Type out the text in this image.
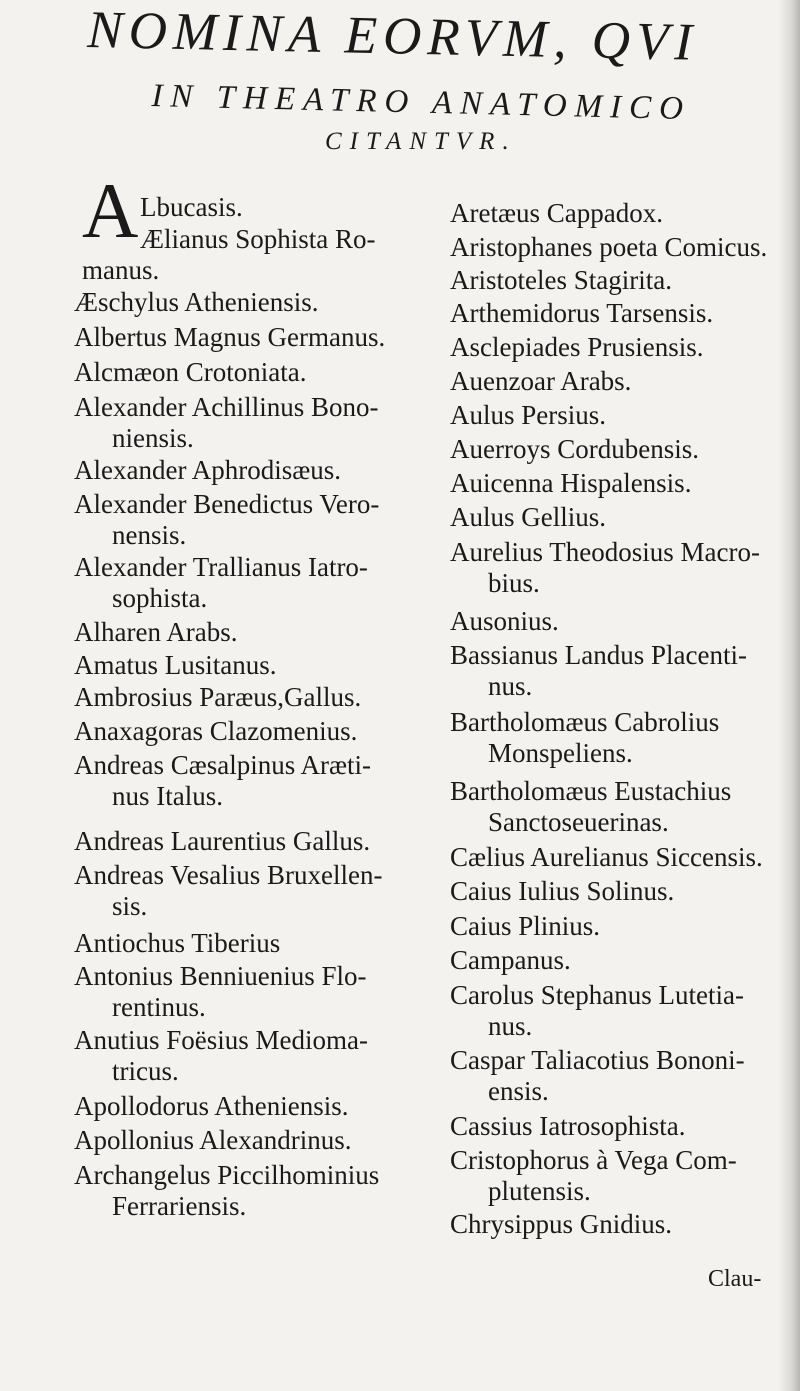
NOMINA EORVM, QVI
IN THEATRO ANATOMICO
CITANTVR.
A Lbucasis.
Ælianus Sophista Ro-
manus.
Æschylus Atheniensis.
Albertus Magnus Germanus.
Alcmæon Crotoniata.
Alexander Achillinus Bono-
niensis.
Alexander Aphrodisæus.
Alexander Benedictus Vero-
nensis.
Alexander Trallianus Iatro-
sophista.
Alharen Arabs.
Amatus Lusitanus.
Ambrosius Paræus,Gallus.
Anaxagoras Clazomenius.
Andreas Cæsalpinus Aræti-
nus Italus.
Andreas Laurentius Gallus.
Andreas Vesalius Bruxellen-
sis.
Antiochus Tiberius
Antonius Benniuenius Flo-
rentinus.
Anutius Foësius Medioma-
tricus.
Apollodorus Atheniensis.
Apollonius Alexandrinus.
Archangelus Piccilhominius
Ferrariensis.
Aretæus Cappadox.
Aristophanes poeta Comicus.
Aristoteles Stagirita.
Arthemidorus Tarsensis.
Asclepiades Prusiensis.
Auenzoar Arabs.
Aulus Persius.
Auerroys Cordubensis.
Auicenna Hispalensis.
Aulus Gellius.
Aurelius Theodosius Macro-
bius.
Ausonius.
Bassianus Landus Placenti-
nus.
Bartholomæus Cabrolius
Monspeliens.
Bartholomæus Eustachius
Sanctoseuerinas.
Cælius Aurelianus Siccensis.
Caius Iulius Solinus.
Caius Plinius.
Campanus.
Carolus Stephanus Lutetia-
nus.
Caspar Taliacotius Bononi-
ensis.
Cassius Iatrosophista.
Cristophorus à Vega Com-
plutensis.
Chrysippus Gnidius.
Clau-
